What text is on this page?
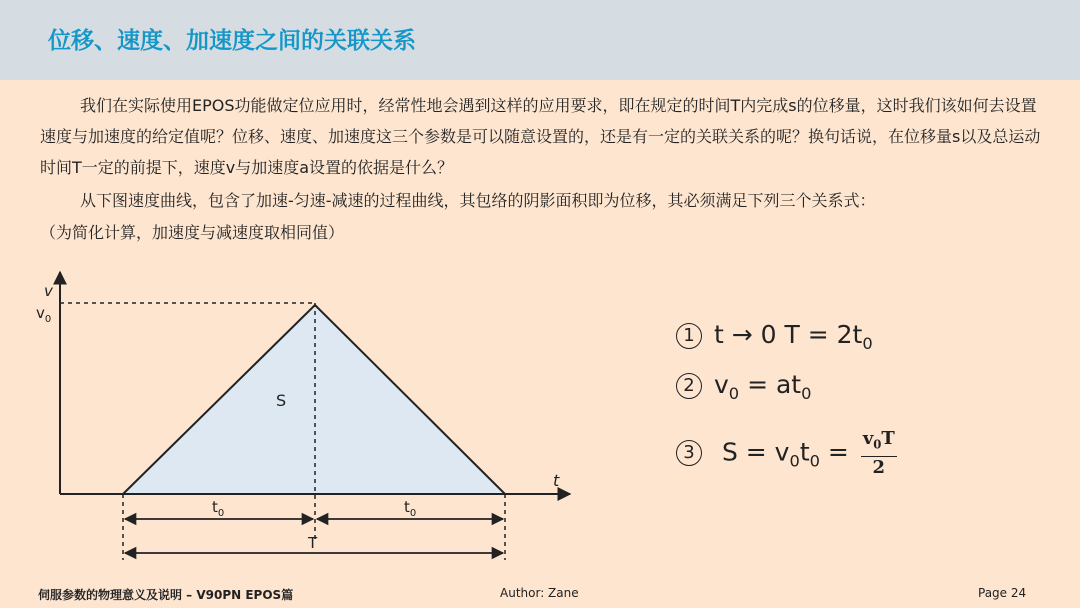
位移、速度、加速度之间的关联关系
我们在实际使用EPOS功能做定位应用时，经常性地会遇到这样的应用要求，即在规定的时间T内完成s的位移量，这时我们该如何去设置速度与加速度的给定值呢？位移、速度、加速度这三个参数是可以随意设置的，还是有一定的关联关系的呢？换句话说，在位移量s以及总运动时间T一定的前提下，速度v与加速度a设置的依据是什么？
从下图速度曲线，包含了加速-匀速-减速的过程曲线，其包络的阴影面积即为位移，其必须满足下列三个关系式：
（为简化计算，加速度与减速度取相同值）
v
$v_0$
S
t
$t_0$	$t_0$
T
1 t → 0 $T = 2t_0$
2 $v_0 = at_0$
3 $S = v_0t_0 = \frac{v_0T}{2}$
伺服参数的物理意义及说明 – V90PN EPOS篇	Author: Zane	Page 24
